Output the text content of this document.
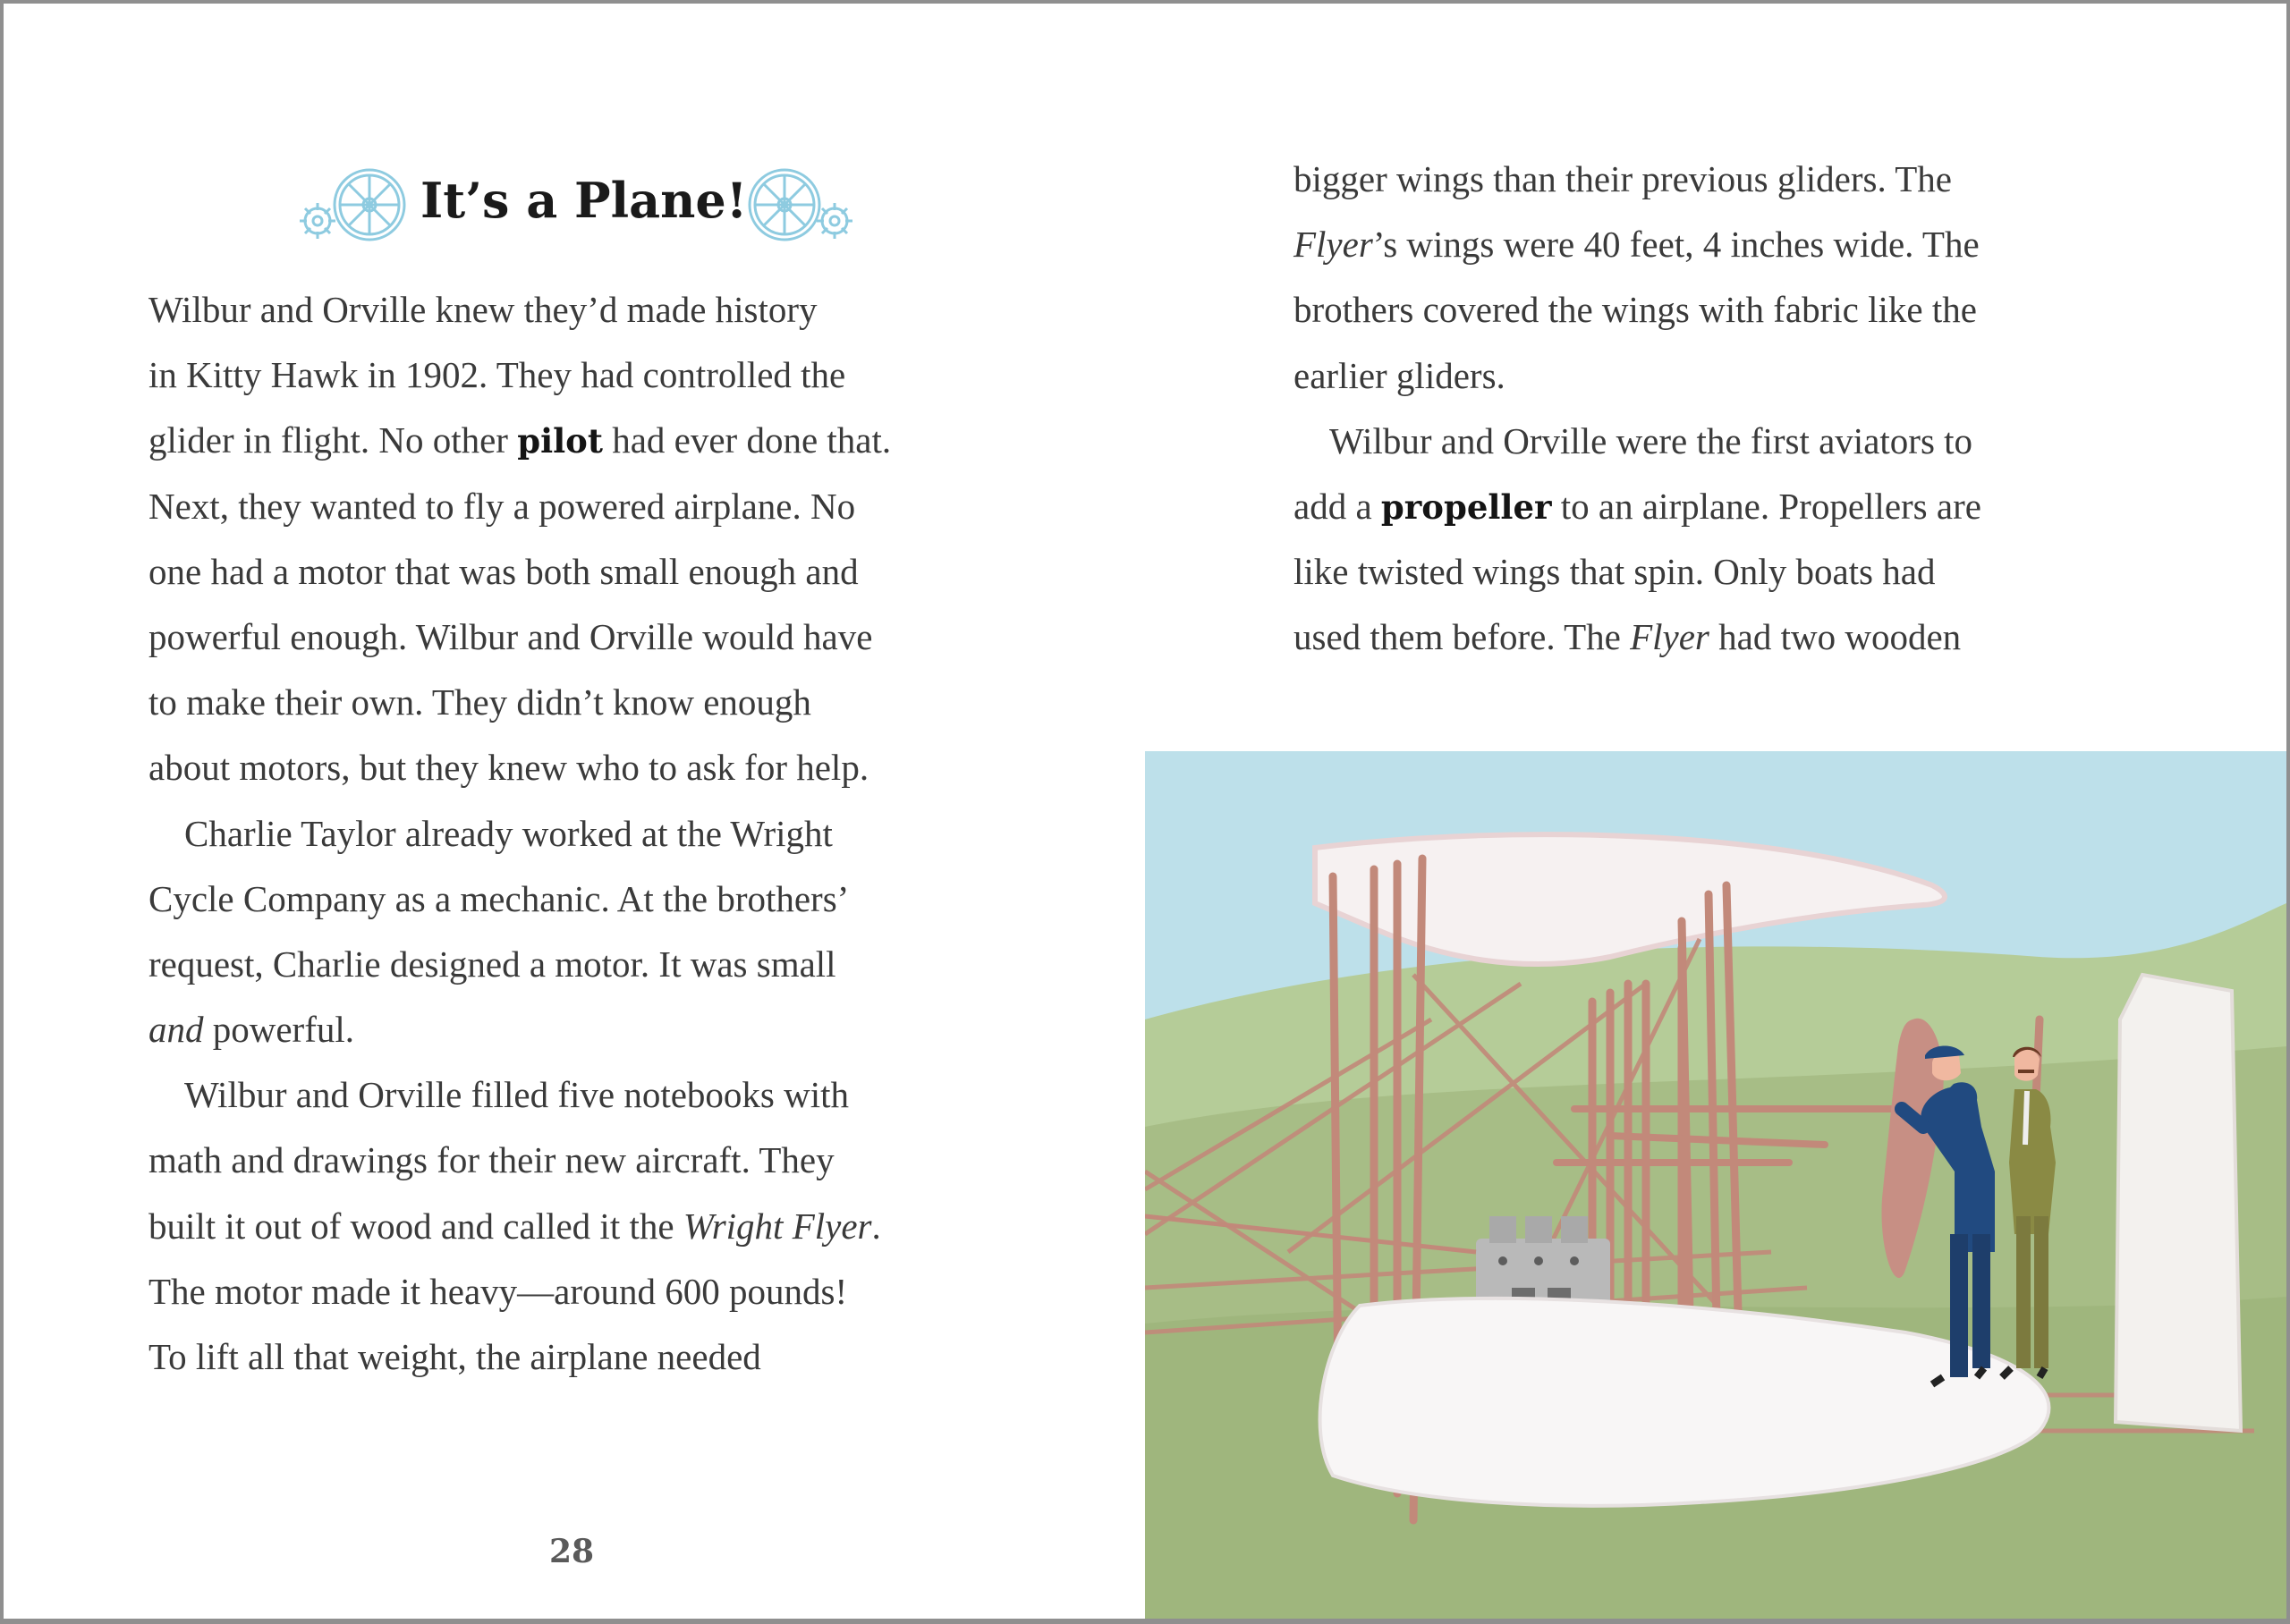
It’s a Plane!
Wilbur and Orville knew they’d made history
in Kitty Hawk in 1902. They had controlled the
glider in flight. No other pilot had ever done that.
Next, they wanted to fly a powered airplane. No
one had a motor that was both small enough and
powerful enough. Wilbur and Orville would have
to make their own. They didn’t know enough
about motors, but they knew who to ask for help.
Charlie Taylor already worked at the Wright
Cycle Company as a mechanic. At the brothers’
request, Charlie designed a motor. It was small
and powerful.
Wilbur and Orville filled five notebooks with
math and drawings for their new aircraft. They
built it out of wood and called it the Wright Flyer.
The motor made it heavy—around 600 pounds!
To lift all that weight, the airplane needed
bigger wings than their previous gliders. The
Flyer’s wings were 40 feet, 4 inches wide. The
brothers covered the wings with fabric like the
earlier gliders.
Wilbur and Orville were the first aviators to
add a propeller to an airplane. Propellers are
like twisted wings that spin. Only boats had
used them before. The Flyer had two wooden
28
